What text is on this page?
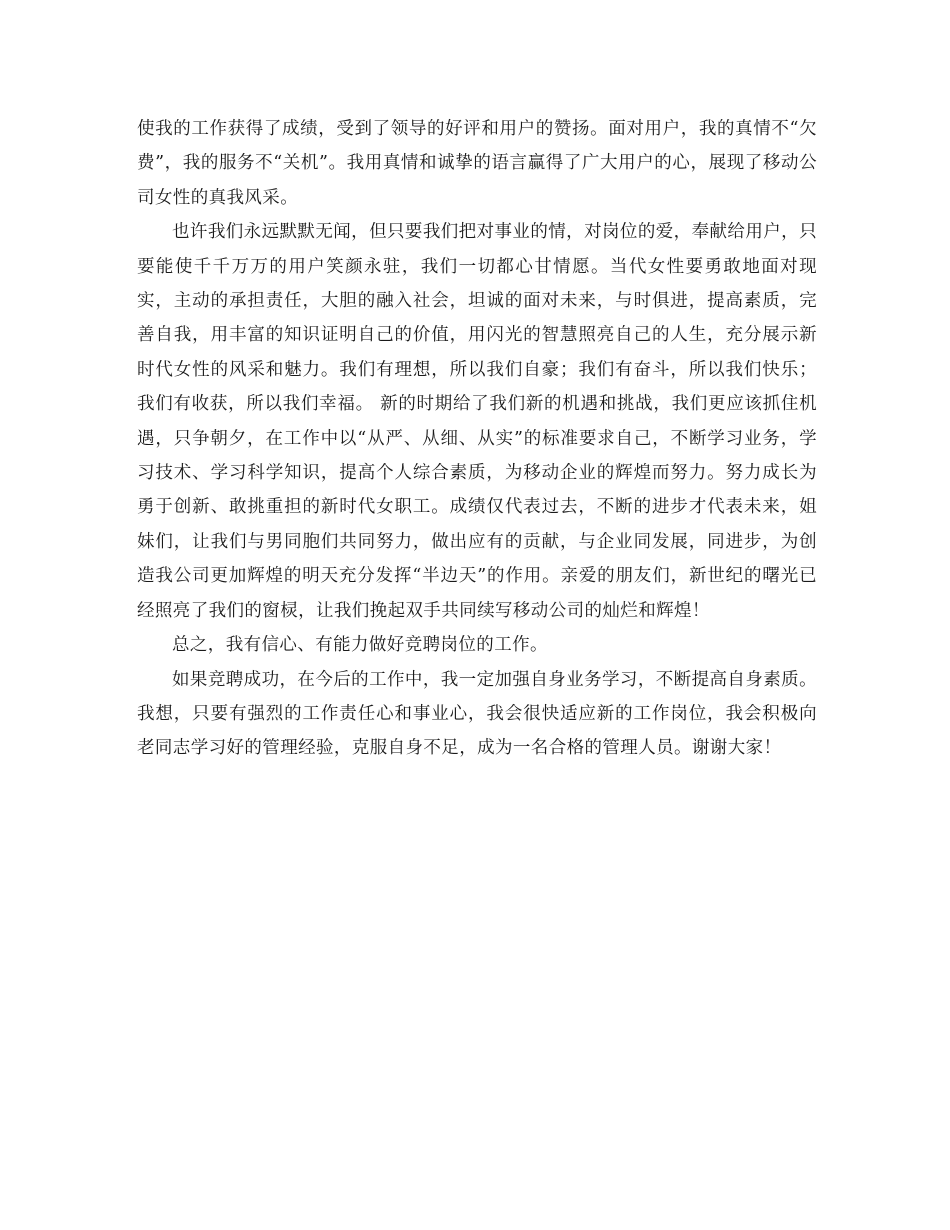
使我的工作获得了成绩，受到了领导的好评和用户的赞扬。面对用户，我的真情不“欠费”，我的服务不“关机”。我用真情和诚挚的语言赢得了广大用户的心，展现了移动公司女性的真我风采。

也许我们永远默默无闻，但只要我们把对事业的情，对岗位的爱，奉献给用户，只要能使千千万万的用户笑颜永驻，我们一切都心甘情愿。当代女性要勇敢地面对现实，主动的承担责任，大胆的融入社会，坦诚的面对未来，与时俱进，提高素质，完善自我，用丰富的知识证明自己的价值，用闪光的智慧照亮自己的人生，充分展示新时代女性的风采和魅力。我们有理想，所以我们自豪；我们有奋斗，所以我们快乐；我们有收获，所以我们幸福。 新的时期给了我们新的机遇和挑战，我们更应该抓住机遇，只争朝夕，在工作中以“从严、从细、从实”的标准要求自己，不断学习业务，学习技术、学习科学知识，提高个人综合素质，为移动企业的辉煌而努力。努力成长为勇于创新、敢挑重担的新时代女职工。成绩仅代表过去，不断的进步才代表未来，姐妹们，让我们与男同胞们共同努力，做出应有的贡献，与企业同发展，同进步，为创造我公司更加辉煌的明天充分发挥“半边天”的作用。亲爱的朋友们，新世纪的曙光已经照亮了我们的窗棂，让我们挽起双手共同续写移动公司的灿烂和辉煌！

总之，我有信心、有能力做好竞聘岗位的工作。

如果竞聘成功，在今后的工作中，我一定加强自身业务学习，不断提高自身素质。我想，只要有强烈的工作责任心和事业心，我会很快适应新的工作岗位，我会积极向老同志学习好的管理经验，克服自身不足，成为一名合格的管理人员。谢谢大家！
